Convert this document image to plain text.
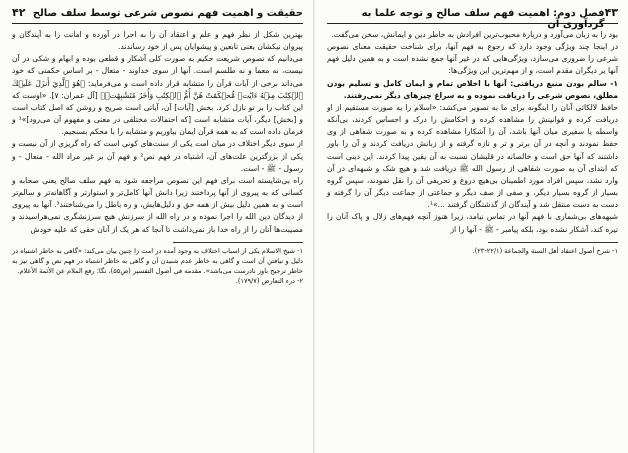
حقیقت و اهمیت فهم نصوص شرعی توسط سلف صالح
۴۲

بهترین شکل از نظر فهم و علم و اعتقاد آن را به اجرا در آورده و امانت را به آیندگان و پیروان نیکشان یعنی تابعین و پیشوایان پس از خود رساندند.

می‌دانیم که نصوص شریعت حکیم به صورت کلی آشکار و قطعی بوده و ابهام و شکی در آن نیست، نه معما و نه طلسم است. آنها از سوی خداوند - متعال - بر اساس حکمتی که خود می‌داند برخی از آیات قرآن را متشابه قرار داده است و می‌فرماید: ﴿هُوَ ٱلَّذِيٓ أَنزَلَ عَلَيۡكَ ٱلۡكِتَٰبَ مِنۡهُ ءَايَٰتٞ مُّحۡكَمَٰتٌ هُنَّ أُمُّ ٱلۡكِتَٰبِ وَأُخَرُ مُتَشَٰبِهَٰتٞ﴾ [آل عمران: ۷]. «اوست که این کتاب را بر تو نازل کرد. بخش [آیات] آن، آیاتی است صریح و روشن که اصل کتاب است و [بخش] دیگر، آیات متشابه است [که احتمالات مختلفی در معنی و مفهوم آن می‌رود]»¹ و فرمان داده است که به همه قرآن ایمان بیاوریم و متشابه را با محکم بسنجیم.

از سوی دیگر اختلاف در میان امت یکی از سنت‌های کونی است که راه گریزی از آن نیست و یکی از بزرگترین علت‌های آن، اشتباه در فهم نص² و فهم آن بر غیر مراد الله - متعال - و رسول - ﷺ - است.

راه بی‌شایسته است برای فهم این نصوص مراجعه شود به فهم سلف صالح یعنی صحابه و کسانی که به پیروی از آنها پرداختند زیرا دانش آنها کامل‌تر و استوارتر و آگاهانه‌تر و سالم‌تر است و به همین دلیل بیش از همه حق و دلیل‌هایش، و ره باطل را می‌شناختند³. آنها به پیروی از دیدگان دین الله را اجرا نموده و در راه الله از سرزنش هیچ سرزنشگری نمی‌هراسیدند و مصیبت‌ها آنان را از راه خدا باز نمی‌داشت تا آنجا که هر یک از آنان حقی که علیه خودش

۱- شیخ الاسلام یکی از اسباب اختلاف به وجود آمده در امت را چنین بیان می‌کند: «گاهی به خاطر اشتباه در دلیل و نیافتن آن است و گاهی به خاطر عدم شنیدن آن و گاهی به خاطر اشتباه در فهم نص و گاهی نیز به خاطر ترجیح باور نادرست می‌باشد». مقدمه فی أصول التفسیر (ص۵۵)، نگا: رفع الملام عن الأئمة الأعلام.

۲- درء التعارض (۱۷۹/۷).

۴۳
فصل دوم: اهمیت فهم سلف صالح و توجه علما به گردآوری آن

بود را به زبان می‌آورد و دربارهٔ محبوب‌ترین افرادش به خاطر دین و ایمانش، سخن می‌گفت.

در اینجا چند ویژگی وجود دارد که رجوع به فهم آنها، برای شناخت حقیقت معنای نصوص شرعی را ضروری می‌سازد، ویژگی‌هایی که در غیر آنها جمع نشده است و به همین دلیل فهم آنها بر دیگران مقدم است، و از مهم‌ترین این ویژگی‌ها:

۱- سالم بودن منبع دریافتی: آنها با اخلاص تمام و ایمان کامل و تسلیم بودن مطلق، نصوص شرعی را دریافت نموده و به سراغ چیزهای دیگر نمی‌رفتند.

حافظ لالکائی آنان را اینگونه برای ما به تصویر می‌کشد: «اسلام را به صورت مستقیم از او دریافت کرده و قوانینش را مشاهده کرده و احکامش را درک و احساس کردند، بی‌آنکه واسطه یا سفیری میان آنها باشد، آن را آشکارا مشاهده کرده و به صورت شفاهی از وی حفظ نمودند و آنچه در آن برتر و تر و تازه گرفته و از زبانش دریافت کردند و آن را باور داشتند که آنها حق است و خالصانه در قلبشان نسبت به آن یقین پیدا کردند. این دینی است که ابتدای آن به صورت شفاهی از رسول الله ﷺ دریافت شد و هیچ شک و شبهه‌ای در آن وارد نشد، سپس افراد مورد اطمینان بی‌هیچ دروغ و تحریفی آن را نقل نمودند، سپس گروه بسیار از گروه بسیار دیگر، و صفی از صف دیگر و جماعتی از جماعت دیگر آن را گرفته و دست به دست منتقل شد و آیندگان از گذشتگان گرفتند ...»¹.

شبهه‌های بی‌شماری با فهم آنها در تماس نیامد، زیرا هنوز آنچه فهم‌های زلال و پاک آنان را تیره کند، آشکار نشده بود، بلکه پیامبر - ﷺ - آنها را از

۱- شرح أصول اعتقاد أهل السنة والجماعة (۲۲/۱-۲۳).
